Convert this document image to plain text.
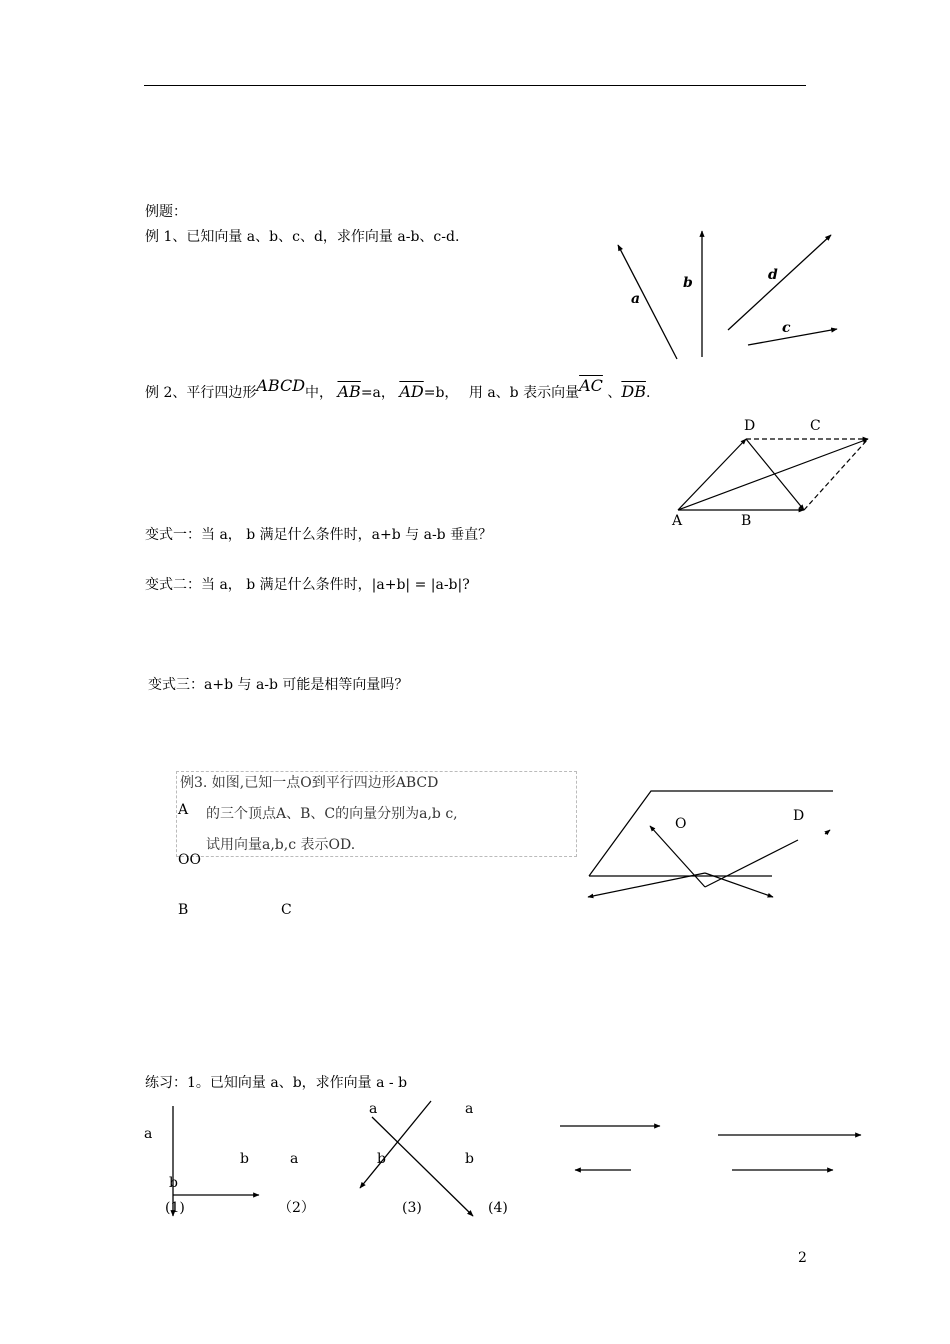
例题：
例 1、已知向量 a、b、c、d，求作向量 a-b、c-d.
例 2、平行四边形ABCD中， $\overline{AB}=a$， $\overline{AD}=b$， 用 a、b 表示向量$\overline{AC}$ 、$\overline{DB}$.
变式一：当 a， b 满足什么条件时，a+b 与 a-b 垂直？
变式二：当 a， b 满足什么条件时，|a+b| = |a-b|?
变式三：a+b 与 a-b 可能是相等向量吗？
例3. 如图,已知一点O到平行四边形ABCD
的三个顶点A、B、C的向量分别为a,b c,
试用向量a,b,c 表示OD.
A
OO
B	C
练习：1。已知向量 a、b，求作向量 a - b
2
a
b	d
c
D	C
A	B
O	D
a
b	a
b
a
b
a
b
(1)	（2）	(3)	(4)
